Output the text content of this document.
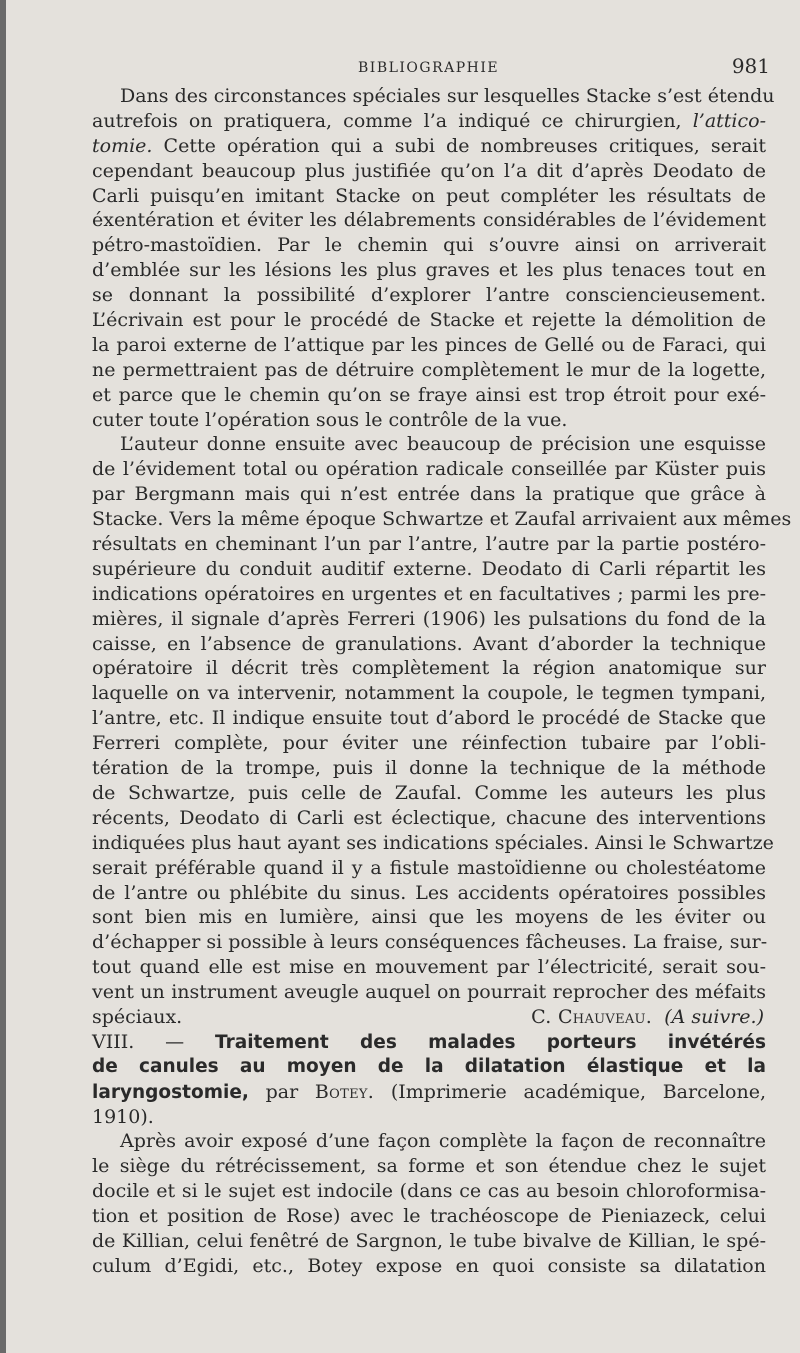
BIBLIOGRAPHIE	981
Dans des circonstances spéciales sur lesquelles Stacke s’est étendu
autrefois on pratiquera, comme l’a indiqué ce chirurgien, l’attico-
tomie. Cette opération qui a subi de nombreuses critiques, serait
cependant beaucoup plus justifiée qu’on l’a dit d’après Deodato de
Carli puisqu’en imitant Stacke on peut compléter les résultats de
éxentération et éviter les délabrements considérables de l’évidement
pétro-mastoïdien. Par le chemin qui s’ouvre ainsi on arriverait
d’emblée sur les lésions les plus graves et les plus tenaces tout en
se donnant la possibilité d’explorer l’antre consciencieusement.
L’écrivain est pour le procédé de Stacke et rejette la démolition de
la paroi externe de l’attique par les pinces de Gellé ou de Faraci, qui
ne permettraient pas de détruire complètement le mur de la logette,
et parce que le chemin qu’on se fraye ainsi est trop étroit pour exé-
cuter toute l’opération sous le contrôle de la vue.
L’auteur donne ensuite avec beaucoup de précision une esquisse
de l’évidement total ou opération radicale conseillée par Küster puis
par Bergmann mais qui n’est entrée dans la pratique que grâce à
Stacke. Vers la même époque Schwartze et Zaufal arrivaient aux mêmes
résultats en cheminant l’un par l’antre, l’autre par la partie postéro-
supérieure du conduit auditif externe. Deodato di Carli répartit les
indications opératoires en urgentes et en facultatives ; parmi les pre-
mières, il signale d’après Ferreri (1906) les pulsations du fond de la
caisse, en l’absence de granulations. Avant d’aborder la technique
opératoire il décrit très complètement la région anatomique sur
laquelle on va intervenir, notamment la coupole, le tegmen tympani,
l’antre, etc. Il indique ensuite tout d’abord le procédé de Stacke que
Ferreri complète, pour éviter une réinfection tubaire par l’obli-
tération de la trompe, puis il donne la technique de la méthode
de Schwartze, puis celle de Zaufal. Comme les auteurs les plus
récents, Deodato di Carli est éclectique, chacune des interventions
indiquées plus haut ayant ses indications spéciales. Ainsi le Schwartze
serait préférable quand il y a fistule mastoïdienne ou cholestéatome
de l’antre ou phlébite du sinus. Les accidents opératoires possibles
sont bien mis en lumière, ainsi que les moyens de les éviter ou
d’échapper si possible à leurs conséquences fâcheuses. La fraise, sur-
tout quand elle est mise en mouvement par l’électricité, serait sou-
vent un instrument aveugle auquel on pourrait reprocher des méfaits
spéciaux.	C. Chauveau. (A suivre.)
VIII. — Traitement des malades porteurs invétérés
de canules au moyen de la dilatation élastique et la
laryngostomie, par Botey. (Imprimerie académique, Barcelone,
1910).
Après avoir exposé d’une façon complète la façon de reconnaître
le siège du rétrécissement, sa forme et son étendue chez le sujet
docile et si le sujet est indocile (dans ce cas au besoin chloroformisa-
tion et position de Rose) avec le trachéoscope de Pieniazeck, celui
de Killian, celui fenêtré de Sargnon, le tube bivalve de Killian, le spé-
culum d’Egidi, etc., Botey expose en quoi consiste sa dilatation
